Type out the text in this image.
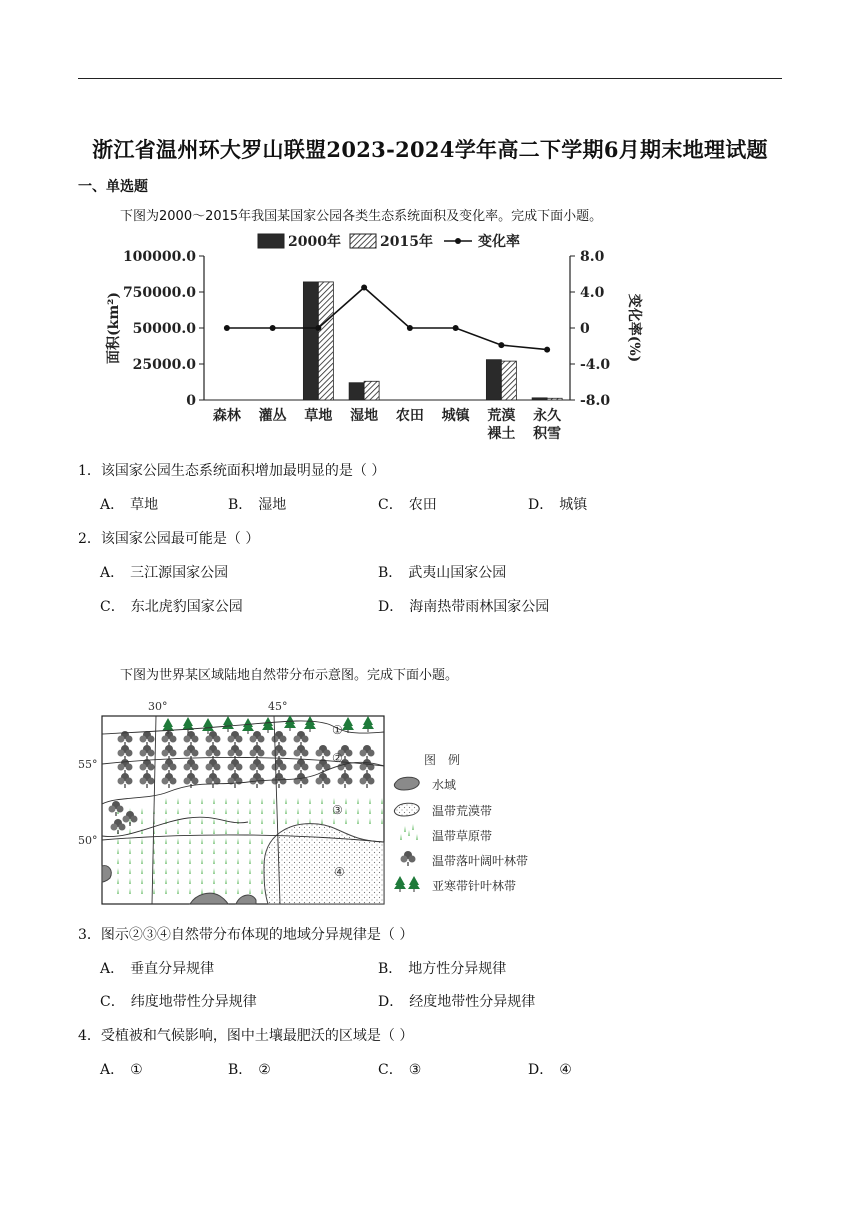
浙江省温州环大罗山联盟2023-2024学年高二下学期6月期末地理试题
一、单选题
下图为2000～2015年我国某国家公园各类生态系统面积及变化率。完成下面小题。
2000年	2015年	变化率
100000.0
750000.0
50000.0
25000.0
0
8.0
4.0
0
-4.0
-8.0
面积(km²)	变化率(%)
森林 灌丛 草地 湿地 农田 城镇 荒漠
裸土
永久
积雪
1．该国家公园生态系统面积增加最明显的是（ ）
A． 草地	B． 湿地	C． 农田	D． 城镇
2．该国家公园最可能是（ ）
A． 三江源国家公园	B． 武夷山国家公园
C． 东北虎豹国家公园	D． 海南热带雨林国家公园
下图为世界某区域陆地自然带分布示意图。完成下面小题。
30°	45°
55°
50°
①
②
③
④
图　例
水域
温带荒漠带
温带草原带
温带落叶阔叶林带
亚寒带针叶林带
3．图示②③④自然带分布体现的地域分异规律是（ ）
A． 垂直分异规律	B． 地方性分异规律
C． 纬度地带性分异规律	D． 经度地带性分异规律
4．受植被和气候影响，图中土壤最肥沃的区域是（ ）
A． ①	B． ②	C． ③	D． ④
